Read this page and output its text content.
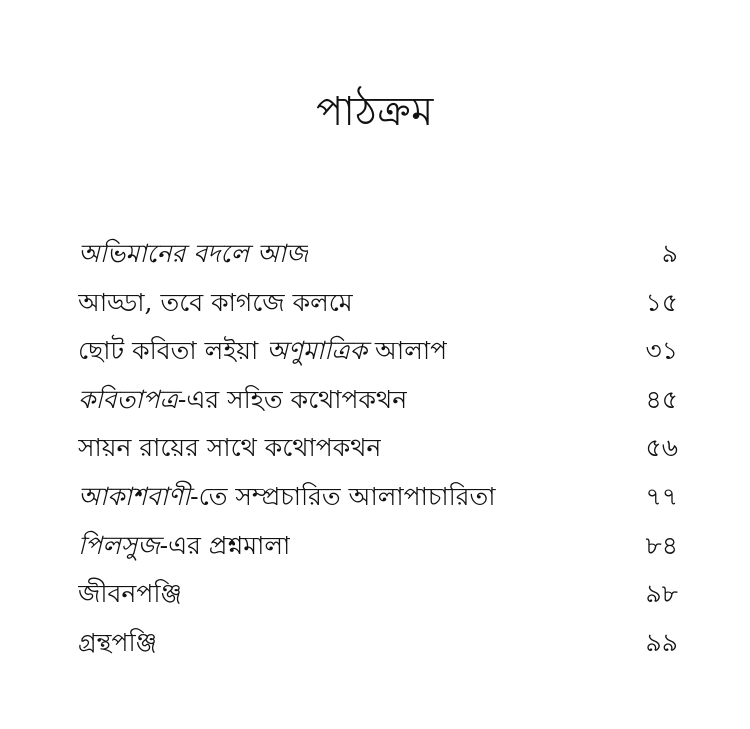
পাঠক্রম
অভিমানের বদলে আজ	৯
আড্ডা, তবে কাগজে কলমে	১৫
ছোট কবিতা লইয়া অণুমাত্রিক আলাপ	৩১
কবিতাপত্র-এর সহিত কথোপকথন	৪৫
সায়ন রায়ের সাথে কথোপকথন	৫৬
আকাশবাণী-তে সম্প্রচারিত আলাপাচারিতা	৭৭
পিলসুজ-এর প্রশ্নমালা	৮৪
জীবনপঞ্জি	৯৮
গ্রন্থপঞ্জি	৯৯
